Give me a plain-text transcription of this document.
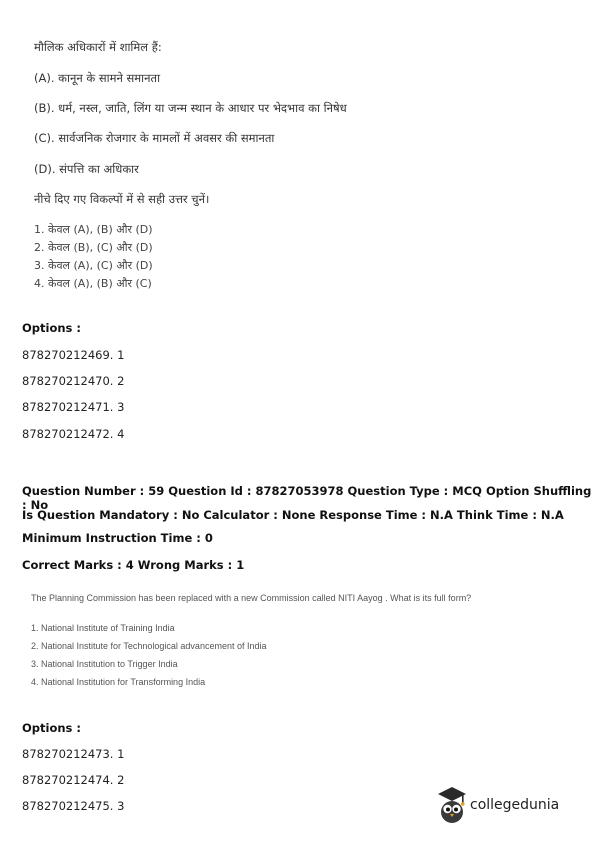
मौलिक अधिकारों में शामिल हैं:
(A). कानून के सामने समानता
(B). धर्म, नस्ल, जाति, लिंग या जन्म स्थान के आधार पर भेदभाव का निषेध
(C). सार्वजनिक रोजगार के मामलों में अवसर की समानता
(D). संपत्ति का अधिकार
नीचे दिए गए विकल्पों में से सही उत्तर चुनें।
1. केवल (A), (B) और (D)
2. केवल (B), (C) और (D)
3. केवल (A), (C) और (D)
4. केवल (A), (B) और (C)
Options :
878270212469. 1
878270212470. 2
878270212471. 3
878270212472. 4
Question Number : 59 Question Id : 87827053978 Question Type : MCQ Option Shuffling : No
Is Question Mandatory : No Calculator : None Response Time : N.A Think Time : N.A
Minimum Instruction Time : 0
Correct Marks : 4 Wrong Marks : 1
The Planning Commission has been replaced with a new Commission called NITI Aayog . What is its full form?
1. National Institute of Training India
2. National Institute for Technological advancement of India
3. National Institution to Trigger India
4. National Institution for Transforming India
Options :
878270212473. 1
878270212474. 2
878270212475. 3	collegedunia
